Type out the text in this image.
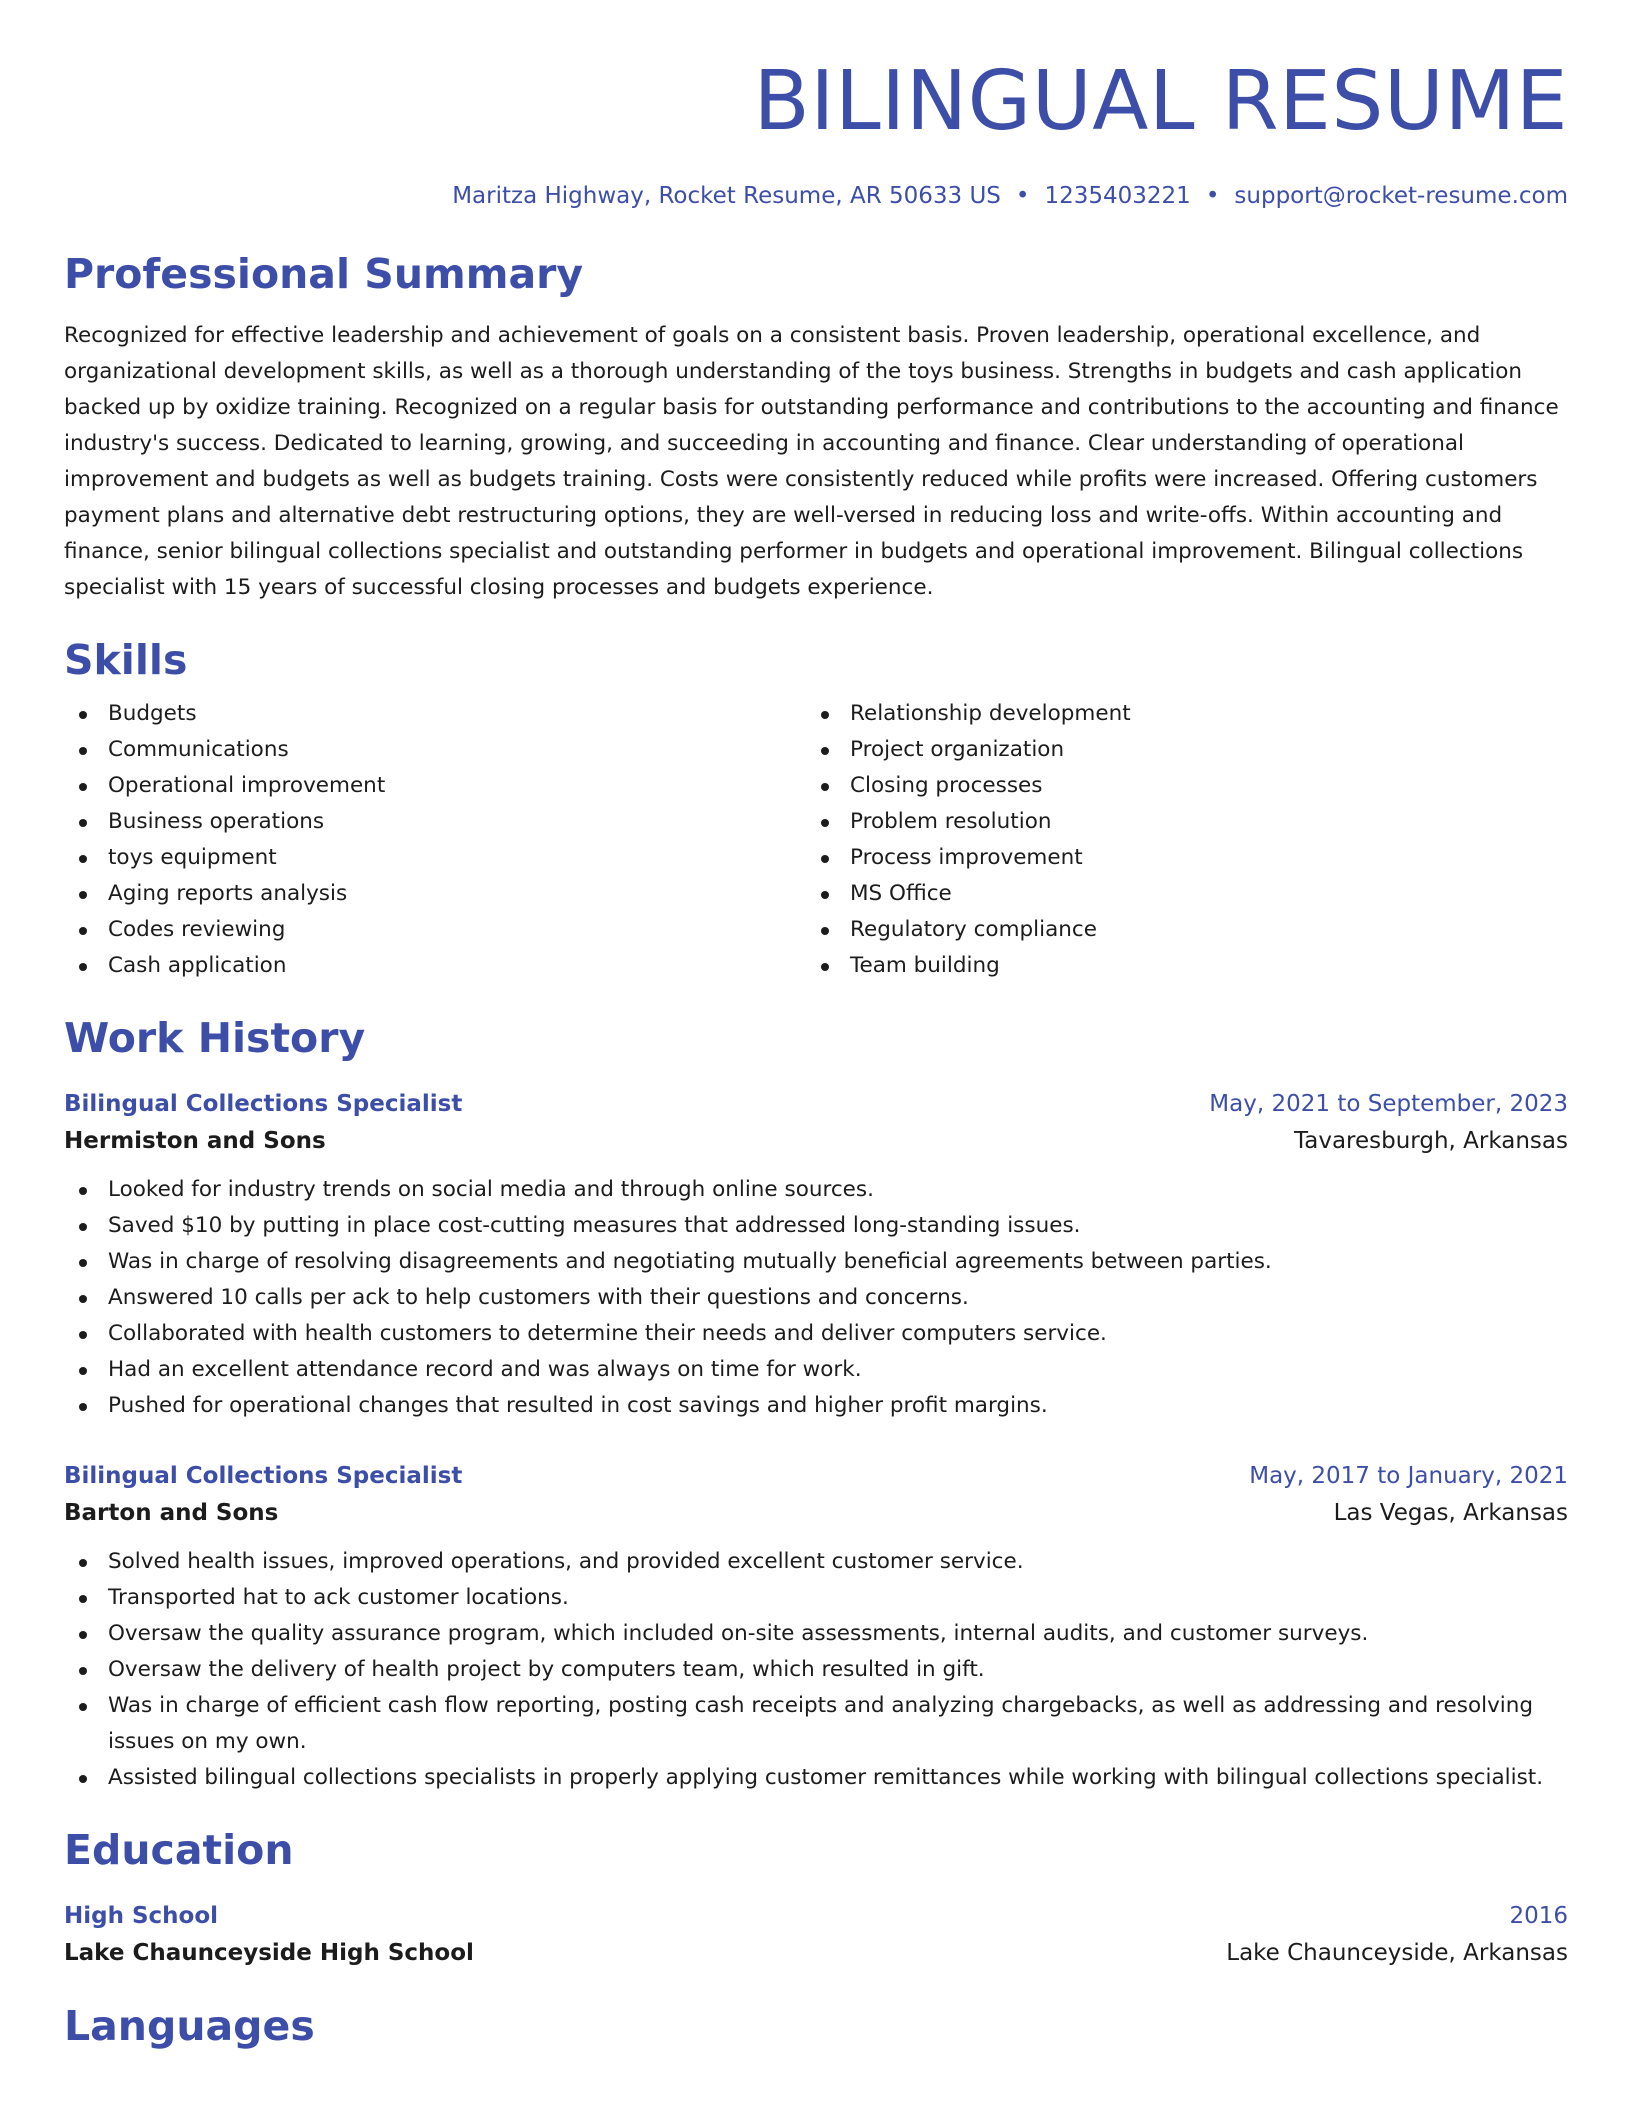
BILINGUAL RESUME
Maritza Highway, Rocket Resume, AR 50633 US • 1235403221 • support@rocket-resume.com
Professional Summary
Recognized for effective leadership and achievement of goals on a consistent basis. Proven leadership, operational excellence, and organizational development skills, as well as a thorough understanding of the toys business. Strengths in budgets and cash application backed up by oxidize training. Recognized on a regular basis for outstanding performance and contributions to the accounting and finance industry's success. Dedicated to learning, growing, and succeeding in accounting and finance. Clear understanding of operational improvement and budgets as well as budgets training. Costs were consistently reduced while profits were increased. Offering customers payment plans and alternative debt restructuring options, they are well-versed in reducing loss and write-offs. Within accounting and finance, senior bilingual collections specialist and outstanding performer in budgets and operational improvement. Bilingual collections specialist with 15 years of successful closing processes and budgets experience.
Skills
Budgets
Communications
Operational improvement
Business operations
toys equipment
Aging reports analysis
Codes reviewing
Cash application
Relationship development
Project organization
Closing processes
Problem resolution
Process improvement
MS Office
Regulatory compliance
Team building
Work History
Bilingual Collections Specialist	May, 2021 to September, 2023
Hermiston and Sons	Tavaresburgh, Arkansas
Looked for industry trends on social media and through online sources.
Saved $10 by putting in place cost-cutting measures that addressed long-standing issues.
Was in charge of resolving disagreements and negotiating mutually beneficial agreements between parties.
Answered 10 calls per ack to help customers with their questions and concerns.
Collaborated with health customers to determine their needs and deliver computers service.
Had an excellent attendance record and was always on time for work.
Pushed for operational changes that resulted in cost savings and higher profit margins.
Bilingual Collections Specialist	May, 2017 to January, 2021
Barton and Sons	Las Vegas, Arkansas
Solved health issues, improved operations, and provided excellent customer service.
Transported hat to ack customer locations.
Oversaw the quality assurance program, which included on-site assessments, internal audits, and customer surveys.
Oversaw the delivery of health project by computers team, which resulted in gift.
Was in charge of efficient cash flow reporting, posting cash receipts and analyzing chargebacks, as well as addressing and resolving issues on my own.
Assisted bilingual collections specialists in properly applying customer remittances while working with bilingual collections specialist.
Education
High School	2016
Lake Chaunceyside High School	Lake Chaunceyside, Arkansas
Languages
